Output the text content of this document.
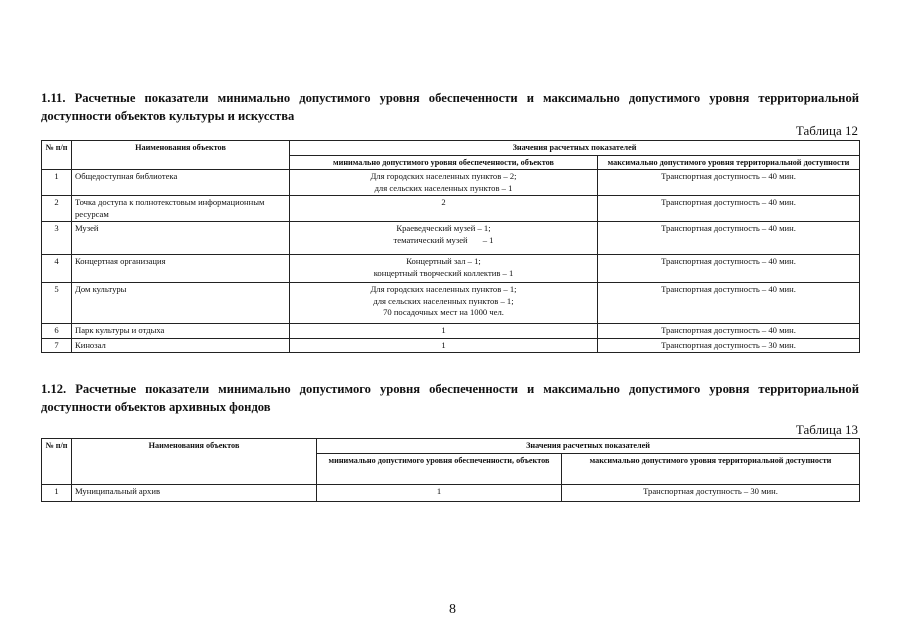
1.11. Расчетные показатели минимально допустимого уровня обеспеченности и максимально допустимого уровня территориальной доступности объектов культуры и искусства
Таблица 12
№ п/п	Наименования объектов	Значения расчетных показателей	
		минимально допустимого уровня обеспеченности, объектов	максимально допустимого уровня территориальной доступности
1	Общедоступная библиотека	Для городских населенных пунктов – 2;
для сельских населенных пунктов – 1	Транспортная доступность – 40 мин.
2	Точка доступа к полнотекстовым информационным ресурсам	2	Транспортная доступность – 40 мин.
3	Музей	Краеведческий музей – 1;
тематический музей       – 1	Транспортная доступность – 40 мин.
4	Концертная организация	Концертный зал – 1;
концертный творческий коллектив – 1	Транспортная доступность – 40 мин.
5	Дом культуры	Для городских населенных пунктов – 1;
для сельских населенных пунктов – 1;
70 посадочных мест на 1000 чел.	Транспортная доступность – 40 мин.
6	Парк культуры и отдыха	1	Транспортная доступность – 40 мин.
7	Кинозал	1	Транспортная доступность – 30 мин.
1.12. Расчетные показатели минимально допустимого уровня обеспеченности и максимально допустимого уровня территориальной доступности объектов архивных фондов
Таблица 13
№ п/п	Наименования объектов	Значения расчетных показателей	
		минимально допустимого уровня обеспеченности, объектов	максимально допустимого уровня территориальной доступности
1	Муниципальный архив	1	Транспортная доступность – 30 мин.
8
